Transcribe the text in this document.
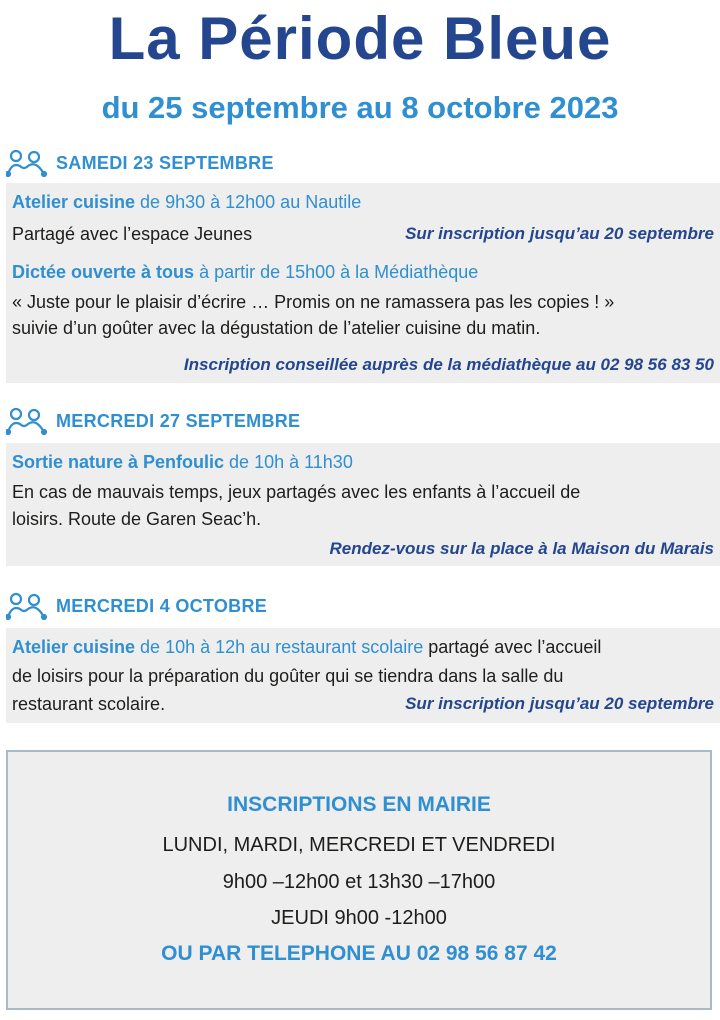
La Période Bleue
du 25 septembre au 8 octobre 2023
SAMEDI 23 SEPTEMBRE
Atelier cuisine de 9h30 à 12h00 au Nautile
Partagé avec l’espace Jeunes	Sur inscription jusqu’au 20 septembre
Dictée ouverte à tous à partir de 15h00 à la Médiathèque
« Juste pour le plaisir d’écrire … Promis on ne ramassera pas les copies ! »
suivie d’un goûter avec la dégustation de l’atelier cuisine du matin.
Inscription conseillée auprès de la médiathèque au 02 98 56 83 50
MERCREDI 27 SEPTEMBRE
Sortie nature à Penfoulic de 10h à 11h30
En cas de mauvais temps, jeux partagés avec les enfants à l’accueil de
loisirs. Route de Garen Seac’h.
Rendez-vous sur la place à la Maison du Marais
MERCREDI 4 OCTOBRE
Atelier cuisine de 10h à 12h au restaurant scolaire partagé avec l’accueil
de loisirs pour la préparation du goûter qui se tiendra dans la salle du
restaurant scolaire.	Sur inscription jusqu’au 20 septembre
INSCRIPTIONS EN MAIRIE
LUNDI, MARDI, MERCREDI ET VENDREDI
9h00 –12h00 et 13h30 –17h00
JEUDI 9h00 -12h00
OU PAR TELEPHONE AU 02 98 56 87 42
